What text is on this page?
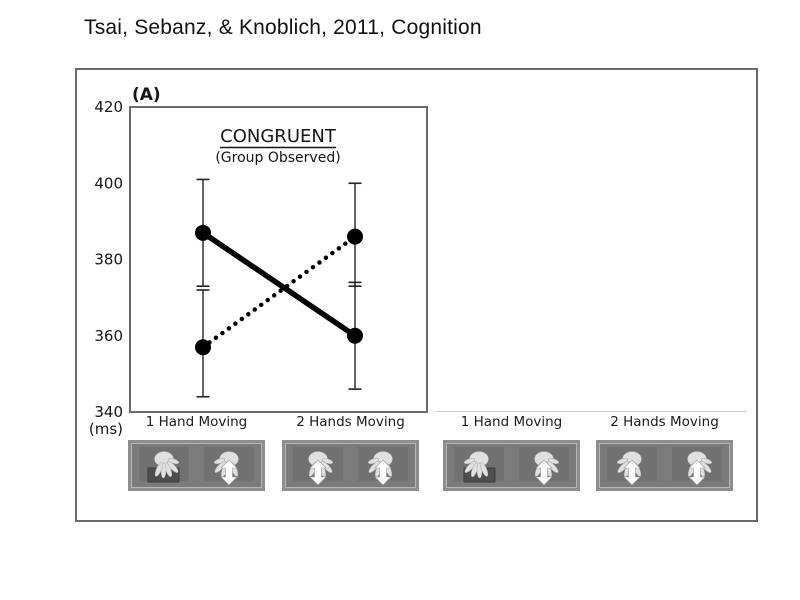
Tsai, Sebanz, & Knoblich, 2011, Cognition
340
360
380
400
420
(ms)
(A)
CONGRUENT
(Group Observed)
1 Hand Moving	2 Hands Moving	1 Hand Moving	2 Hands Moving
